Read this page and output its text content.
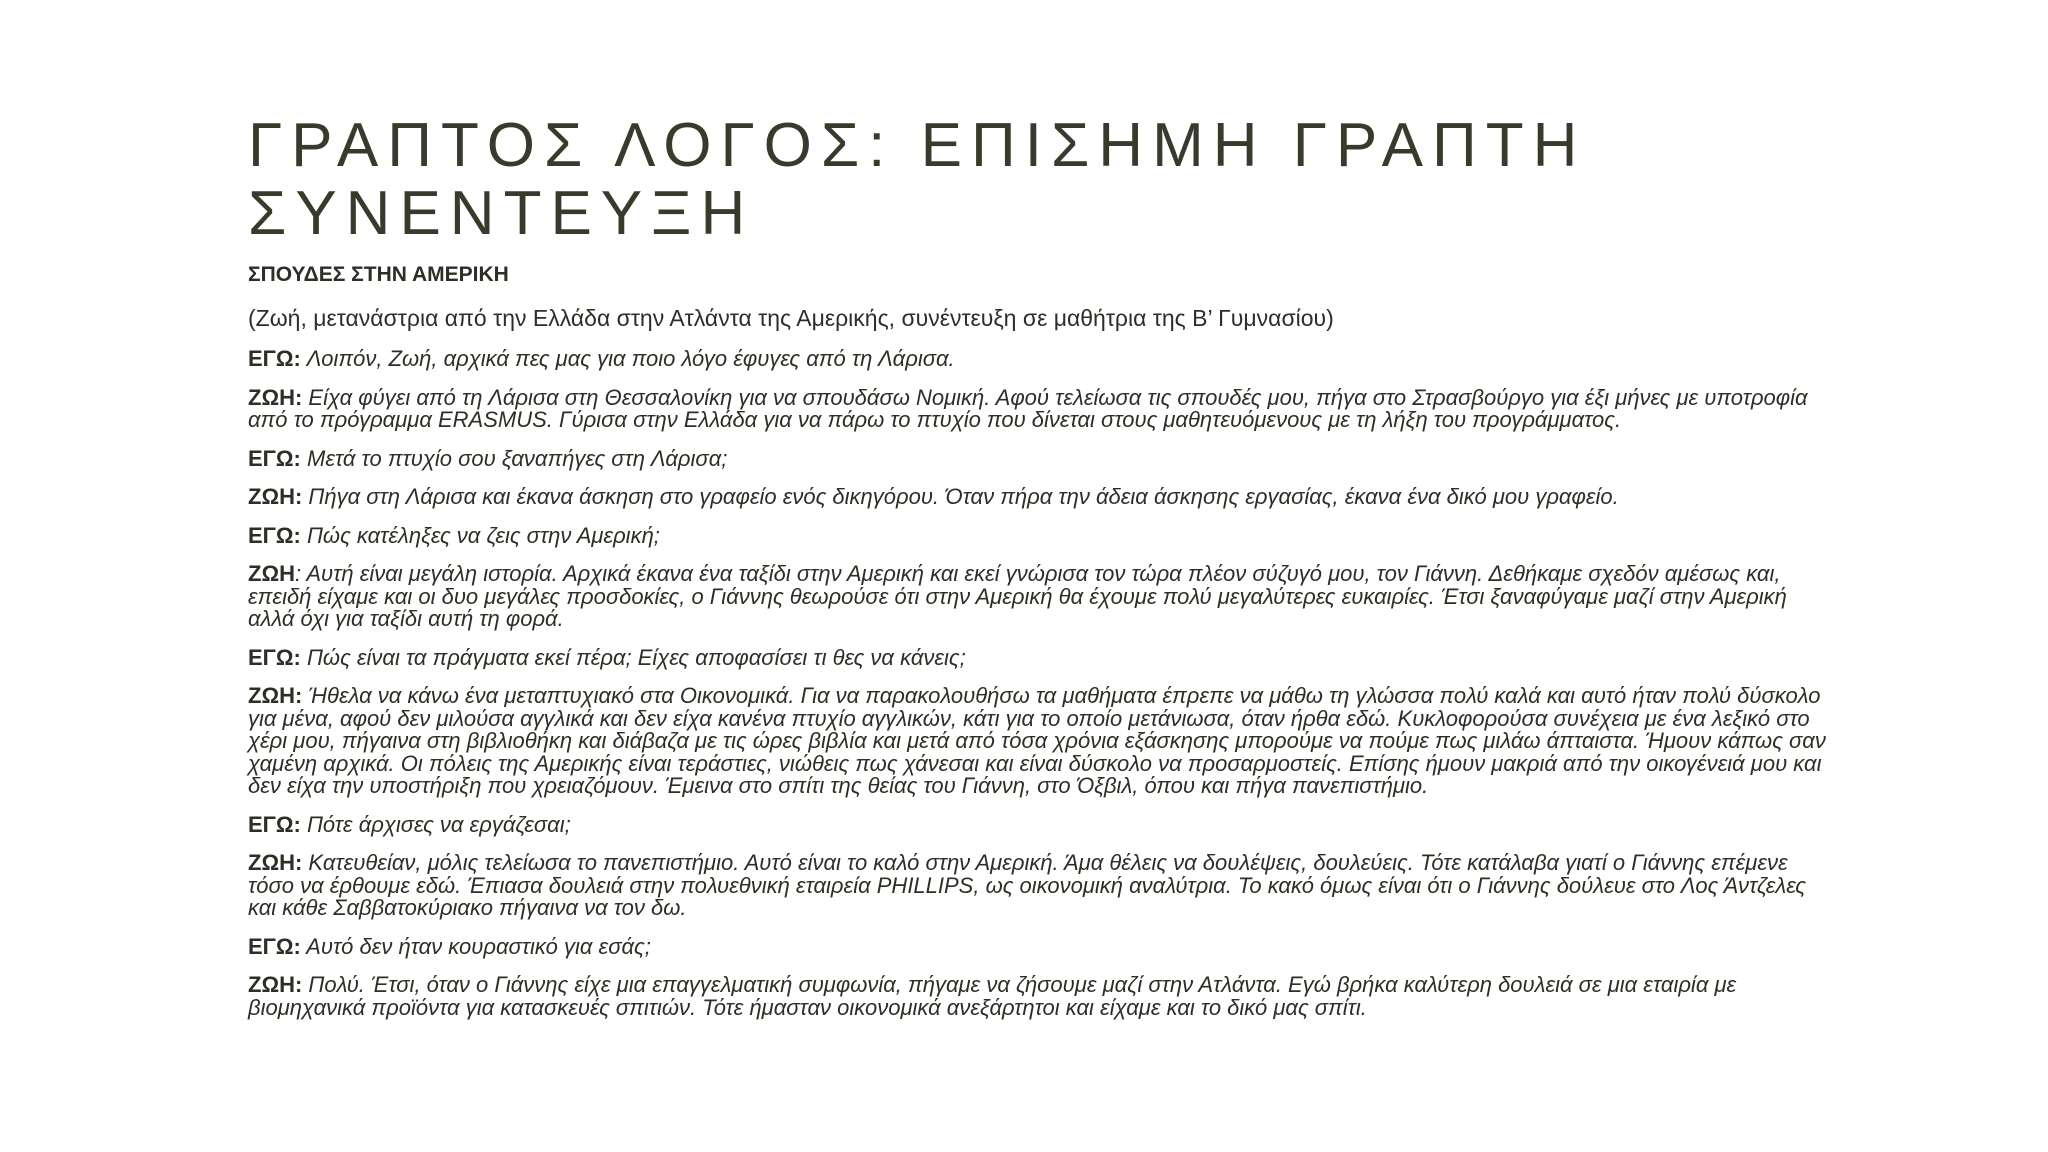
ΓΡΑΠΤΟΣ ΛΟΓΟΣ: ΕΠΙΣΗΜΗ ΓΡΑΠΤΗ
ΣΥΝΕΝΤΕΥΞΗ

ΣΠΟΥΔΕΣ ΣΤΗΝ ΑΜΕΡΙΚΗ

(Ζωή, μετανάστρια από την Ελλάδα στην Ατλάντα της Αμερικής, συνέντευξη σε μαθήτρια της Β’ Γυμνασίου)

ΕΓΩ: Λοιπόν, Ζωή, αρχικά πες μας για ποιο λόγο έφυγες από τη Λάρισα.

ΖΩΗ: Είχα φύγει από τη Λάρισα στη Θεσσαλονίκη για να σπουδάσω Νομική. Αφού τελείωσα τις σπουδές μου, πήγα στο Στρασβούργο για έξι μήνες με υποτροφία από το πρόγραμμα ERASMUS. Γύρισα στην Ελλάδα για να πάρω το πτυχίο που δίνεται στους μαθητευόμενους με τη λήξη του προγράμματος.

ΕΓΩ: Μετά το πτυχίο σου ξαναπήγες στη Λάρισα;

ΖΩΗ: Πήγα στη Λάρισα και έκανα άσκηση στο γραφείο ενός δικηγόρου. Όταν πήρα την άδεια άσκησης εργασίας, έκανα ένα δικό μου γραφείο.

ΕΓΩ: Πώς κατέληξες να ζεις στην Αμερική;

ΖΩΗ: Αυτή είναι μεγάλη ιστορία. Αρχικά έκανα ένα ταξίδι στην Αμερική και εκεί γνώρισα τον τώρα πλέον σύζυγό μου, τον Γιάννη. Δεθήκαμε σχεδόν αμέσως και, επειδή είχαμε και οι δυο μεγάλες προσδοκίες, ο Γιάννης θεωρούσε ότι στην Αμερική θα έχουμε πολύ μεγαλύτερες ευκαιρίες. Έτσι ξαναφύγαμε μαζί στην Αμερική αλλά όχι για ταξίδι αυτή τη φορά.

ΕΓΩ: Πώς είναι τα πράγματα εκεί πέρα; Είχες αποφασίσει τι θες να κάνεις;

ΖΩΗ: Ήθελα να κάνω ένα μεταπτυχιακό στα Οικονομικά. Για να παρακολουθήσω τα μαθήματα έπρεπε να μάθω τη γλώσσα πολύ καλά και αυτό ήταν πολύ δύσκολο για μένα, αφού δεν μιλούσα αγγλικά και δεν είχα κανένα πτυχίο αγγλικών, κάτι για το οποίο μετάνιωσα, όταν ήρθα εδώ. Κυκλοφορούσα συνέχεια με ένα λεξικό στο χέρι μου, πήγαινα στη βιβλιοθήκη και διάβαζα με τις ώρες βιβλία και μετά από τόσα χρόνια εξάσκησης μπορούμε να πούμε πως μιλάω άπταιστα. Ήμουν κάπως σαν χαμένη αρχικά. Οι πόλεις της Αμερικής είναι τεράστιες, νιώθεις πως χάνεσαι και είναι δύσκολο να προσαρμοστείς. Επίσης ήμουν μακριά από την οικογένειά μου και δεν είχα την υποστήριξη που χρειαζόμουν. Έμεινα στο σπίτι της θείας του Γιάννη, στο Όξβιλ, όπου και πήγα πανεπιστήμιο.

ΕΓΩ: Πότε άρχισες να εργάζεσαι;

ΖΩΗ: Κατευθείαν, μόλις τελείωσα το πανεπιστήμιο. Αυτό είναι το καλό στην Αμερική. Άμα θέλεις να δουλέψεις, δουλεύεις. Τότε κατάλαβα γιατί ο Γιάννης επέμενε τόσο να έρθουμε εδώ. Έπιασα δουλειά στην πολυεθνική εταιρεία PHILLIPS, ως οικονομική αναλύτρια. Το κακό όμως είναι ότι ο Γιάννης δούλευε στο Λος Άντζελες και κάθε Σαββατοκύριακο πήγαινα να τον δω.

ΕΓΩ: Αυτό δεν ήταν κουραστικό για εσάς;

ΖΩΗ: Πολύ. Έτσι, όταν ο Γιάννης είχε μια επαγγελματική συμφωνία, πήγαμε να ζήσουμε μαζί στην Ατλάντα. Εγώ βρήκα καλύτερη δουλειά σε μια εταιρία με βιομηχανικά προϊόντα για κατασκευές σπιτιών. Τότε ήμασταν οικονομικά ανεξάρτητοι και είχαμε και το δικό μας σπίτι.
